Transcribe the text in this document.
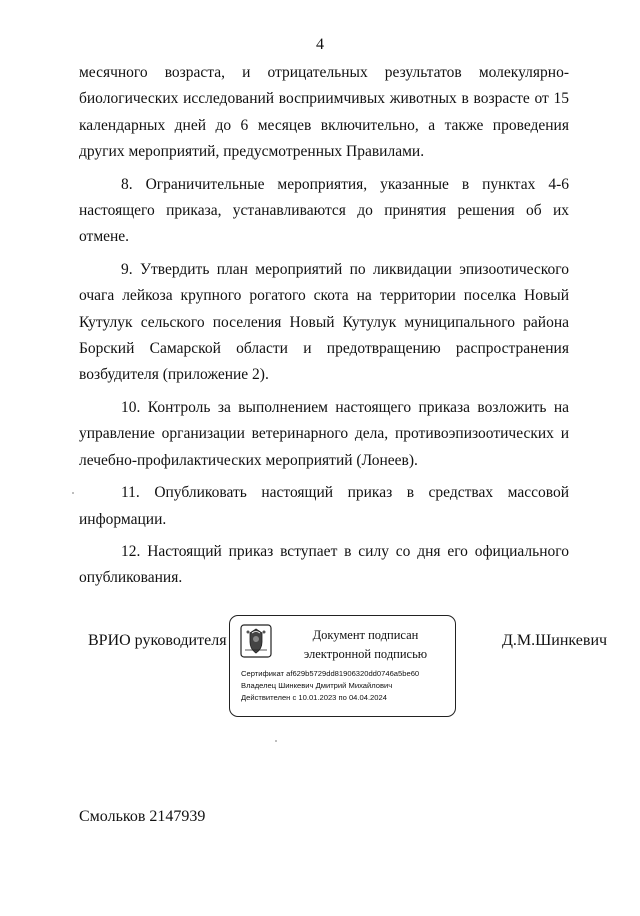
4

месячного возраста, и отрицательных результатов молекулярно-биологических исследований восприимчивых животных в возрасте от 15 календарных дней до 6 месяцев включительно, а также проведения других мероприятий, предусмотренных Правилами.

8. Ограничительные мероприятия, указанные в пунктах 4-6 настоящего приказа, устанавливаются до принятия решения об их отмене.

9. Утвердить план мероприятий по ликвидации эпизоотического очага лейкоза крупного рогатого скота на территории поселка Новый Кутулук сельского поселения Новый Кутулук муниципального района Борский Самарской области и предотвращению распространения возбудителя (приложение 2).

10. Контроль за выполнением настоящего приказа возложить на управление организации ветеринарного дела, противоэпизоотических и лечебно-профилактических мероприятий (Лонеев).

11. Опубликовать настоящий приказ в средствах массовой информации.

12. Настоящий приказ вступает в силу со дня его официального опубликования.

ВРИО руководителя	Документ подписан
электронной подписью
Сертификат af629b5729dd81906320dd0746a5be60
Владелец Шинкевич Дмитрий Михайлович
Действителен с 10.01.2023 по 04.04.2024
Д.М.Шинкевич
Смольков 2147939
